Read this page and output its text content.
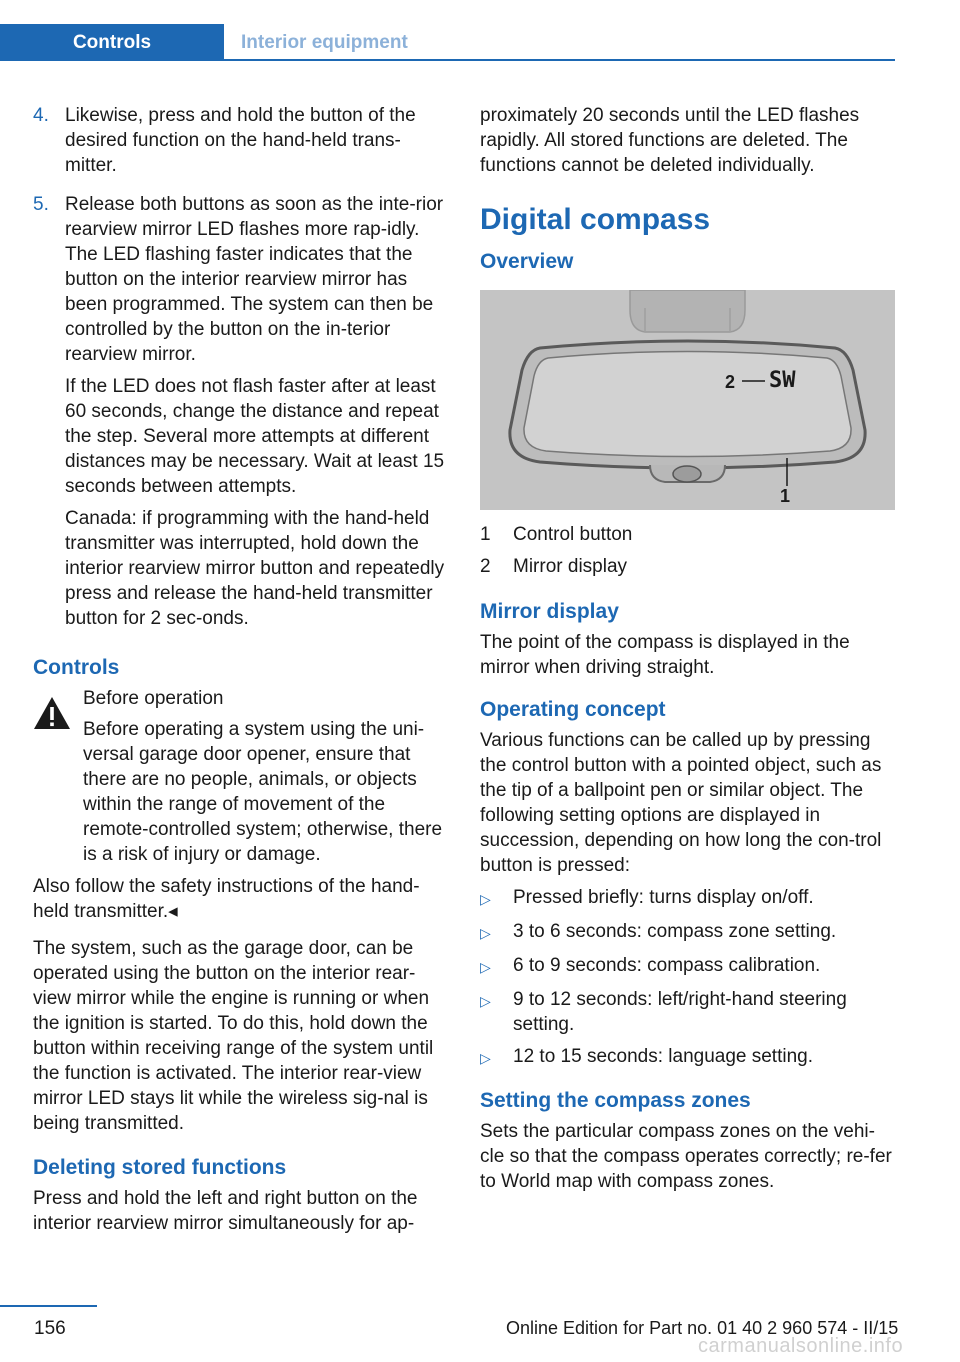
Controls	Interior equipment
4. Likewise, press and hold the button of the desired function on the hand-held trans-mitter.

5. Release both buttons as soon as the inte-rior rearview mirror LED flashes more rap-idly. The LED flashing faster indicates that the button on the interior rearview mirror has been programmed. The system can then be controlled by the button on the in-terior rearview mirror.

If the LED does not flash faster after at least 60 seconds, change the distance and repeat the step. Several more attempts at different distances may be necessary. Wait at least 15 seconds between attempts.

Canada: if programming with the hand-held transmitter was interrupted, hold down the interior rearview mirror button and repeatedly press and release the hand-held transmitter button for 2 sec-onds.

Controls

Before operation

Before operating a system using the uni-versal garage door opener, ensure that there are no people, animals, or objects within the range of movement of the remote-controlled system; otherwise, there is a risk of injury or damage.

Also follow the safety instructions of the hand-held transmitter.◂

The system, such as the garage door, can be operated using the button on the interior rear-view mirror while the engine is running or when the ignition is started. To do this, hold down the button within receiving range of the system until the function is activated. The interior rear-view mirror LED stays lit while the wireless sig-nal is being transmitted.

Deleting stored functions

Press and hold the left and right button on the interior rearview mirror simultaneously for ap-

proximately 20 seconds until the LED flashes rapidly. All stored functions are deleted. The functions cannot be deleted individually.

Digital compass
Overview
1
2 SW
1	Control button
2	Mirror display
Mirror display

The point of the compass is displayed in the mirror when driving straight.

Operating concept

Various functions can be called up by pressing the control button with a pointed object, such as the tip of a ballpoint pen or similar object. The following setting options are displayed in succession, depending on how long the con-trol button is pressed:

▷	Pressed briefly: turns display on/off.
▷	3 to 6 seconds: compass zone setting.
▷	6 to 9 seconds: compass calibration.
▷	9 to 12 seconds: left/right-hand steering setting.
▷	12 to 15 seconds: language setting.
Setting the compass zones

Sets the particular compass zones on the vehi-cle so that the compass operates correctly; re-fer to World map with compass zones.

156	Online Edition for Part no. 01 40 2 960 574 - II/15
carmanualsonline.info
